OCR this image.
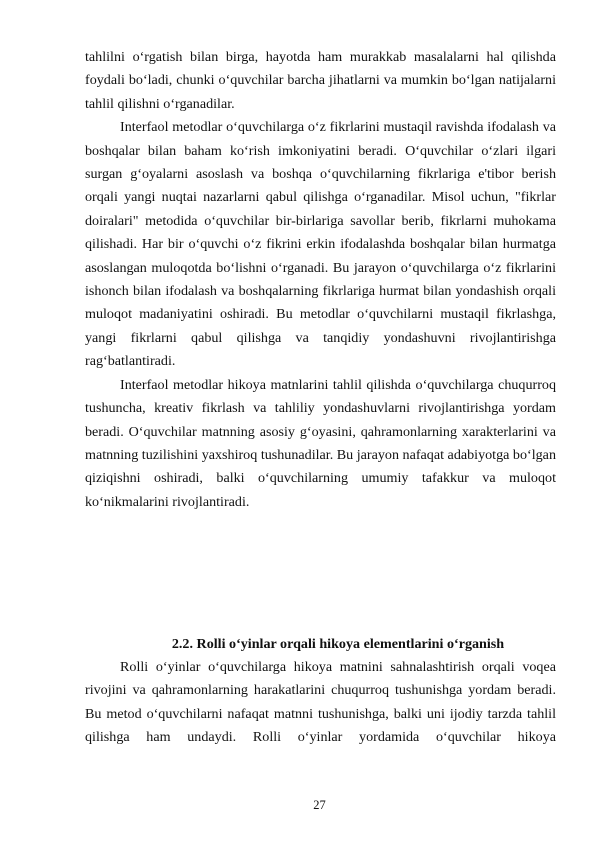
tahlilni o‘rgatish bilan birga, hayotda ham murakkab masalalarni hal qilishda foydali bo‘ladi, chunki o‘quvchilar barcha jihatlarni va mumkin bo‘lgan natijalarni tahlil qilishni o‘rganadilar.

Interfaol metodlar o‘quvchilarga o‘z fikrlarini mustaqil ravishda ifodalash va boshqalar bilan baham ko‘rish imkoniyatini beradi. O‘quvchilar o‘zlari ilgari surgan g‘oyalarni asoslash va boshqa o‘quvchilarning fikrlariga e'tibor berish orqali yangi nuqtai nazarlarni qabul qilishga o‘rganadilar. Misol uchun, "fikrlar doiralari" metodida o‘quvchilar bir-birlariga savollar berib, fikrlarni muhokama qilishadi. Har bir o‘quvchi o‘z fikrini erkin ifodalashda boshqalar bilan hurmatga asoslangan muloqotda bo‘lishni o‘rganadi. Bu jarayon o‘quvchilarga o‘z fikrlarini ishonch bilan ifodalash va boshqalarning fikrlariga hurmat bilan yondashish orqali muloqot madaniyatini oshiradi. Bu metodlar o‘quvchilarni mustaqil fikrlashga, yangi fikrlarni qabul qilishga va tanqidiy yondashuvni rivojlantirishga rag‘batlantiradi.

Interfaol metodlar hikoya matnlarini tahlil qilishda o‘quvchilarga chuqurroq tushuncha, kreativ fikrlash va tahliliy yondashuvlarni rivojlantirishga yordam beradi. O‘quvchilar matnning asosiy g‘oyasini, qahramonlarning xarakterlarini va matnning tuzilishini yaxshiroq tushunadilar. Bu jarayon nafaqat adabiyotga bo‘lgan qiziqishni oshiradi, balki o‘quvchilarning umumiy tafakkur va muloqot ko‘nikmalarini rivojlantiradi.

2.2. Rolli o‘yinlar orqali hikoya elementlarini o‘rganish

Rolli o‘yinlar o‘quvchilarga hikoya matnini sahnalashtirish orqali voqea rivojini va qahramonlarning harakatlarini chuqurroq tushunishga yordam beradi. Bu metod o‘quvchilarni nafaqat matnni tushunishga, balki uni ijodiy tarzda tahlil qilishga ham undaydi. Rolli o‘yinlar yordamida o‘quvchilar hikoya

27
